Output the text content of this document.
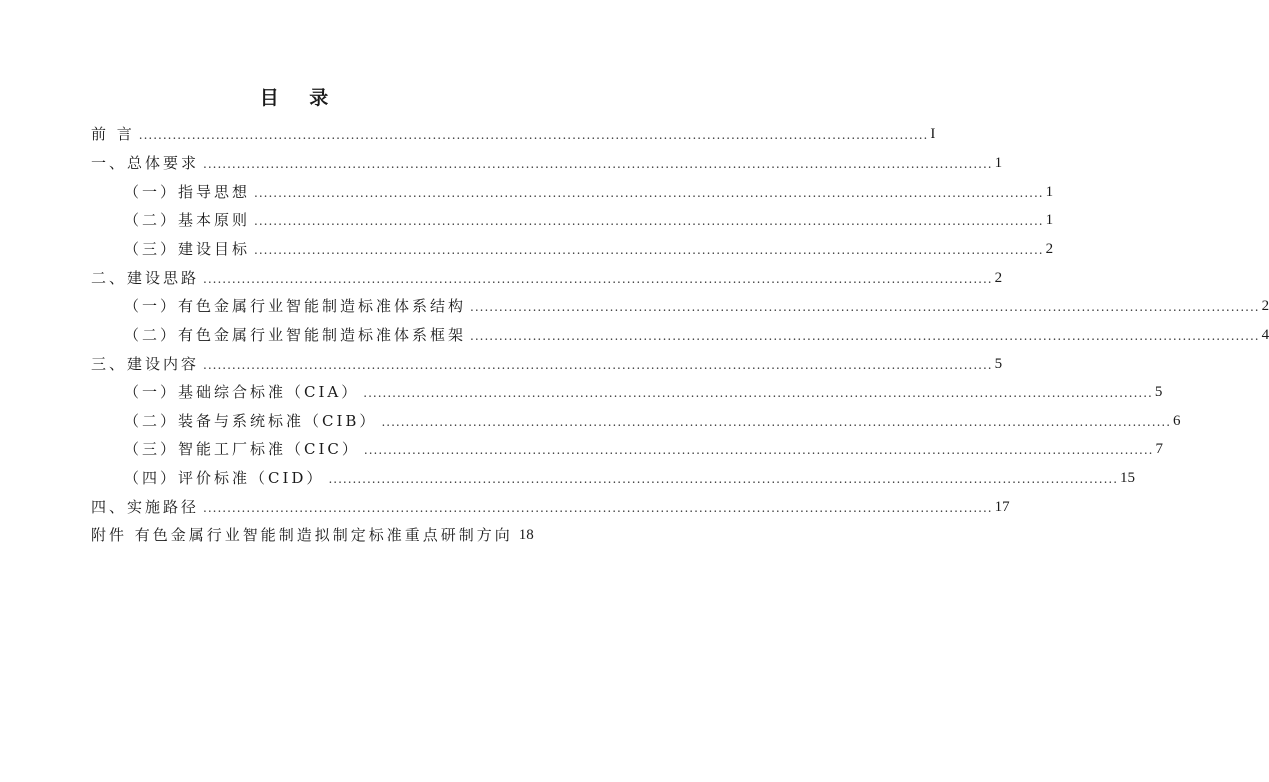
目 录
前 言 .................................................................................................................................................................... I
一、总体要求 .................................................................................................................................................................... 1
（一）指导思想 .................................................................................................................................................................... 1
（二）基本原则 .................................................................................................................................................................... 1
（三）建设目标 .................................................................................................................................................................... 2
二、建设思路 .................................................................................................................................................................... 2
（一）有色金属行业智能制造标准体系结构 .................................................................................................................................................................... 2
（二）有色金属行业智能制造标准体系框架 .................................................................................................................................................................... 4
三、建设内容 .................................................................................................................................................................... 5
（一）基础综合标准（CIA） .................................................................................................................................................................... 5
（二）装备与系统标准（CIB） .................................................................................................................................................................... 6
（三）智能工厂标准（CIC） .................................................................................................................................................................... 7
（四）评价标准（CID） .................................................................................................................................................................... 15
四、实施路径 .................................................................................................................................................................... 17
附件 有色金属行业智能制造拟制定标准重点研制方向 18
